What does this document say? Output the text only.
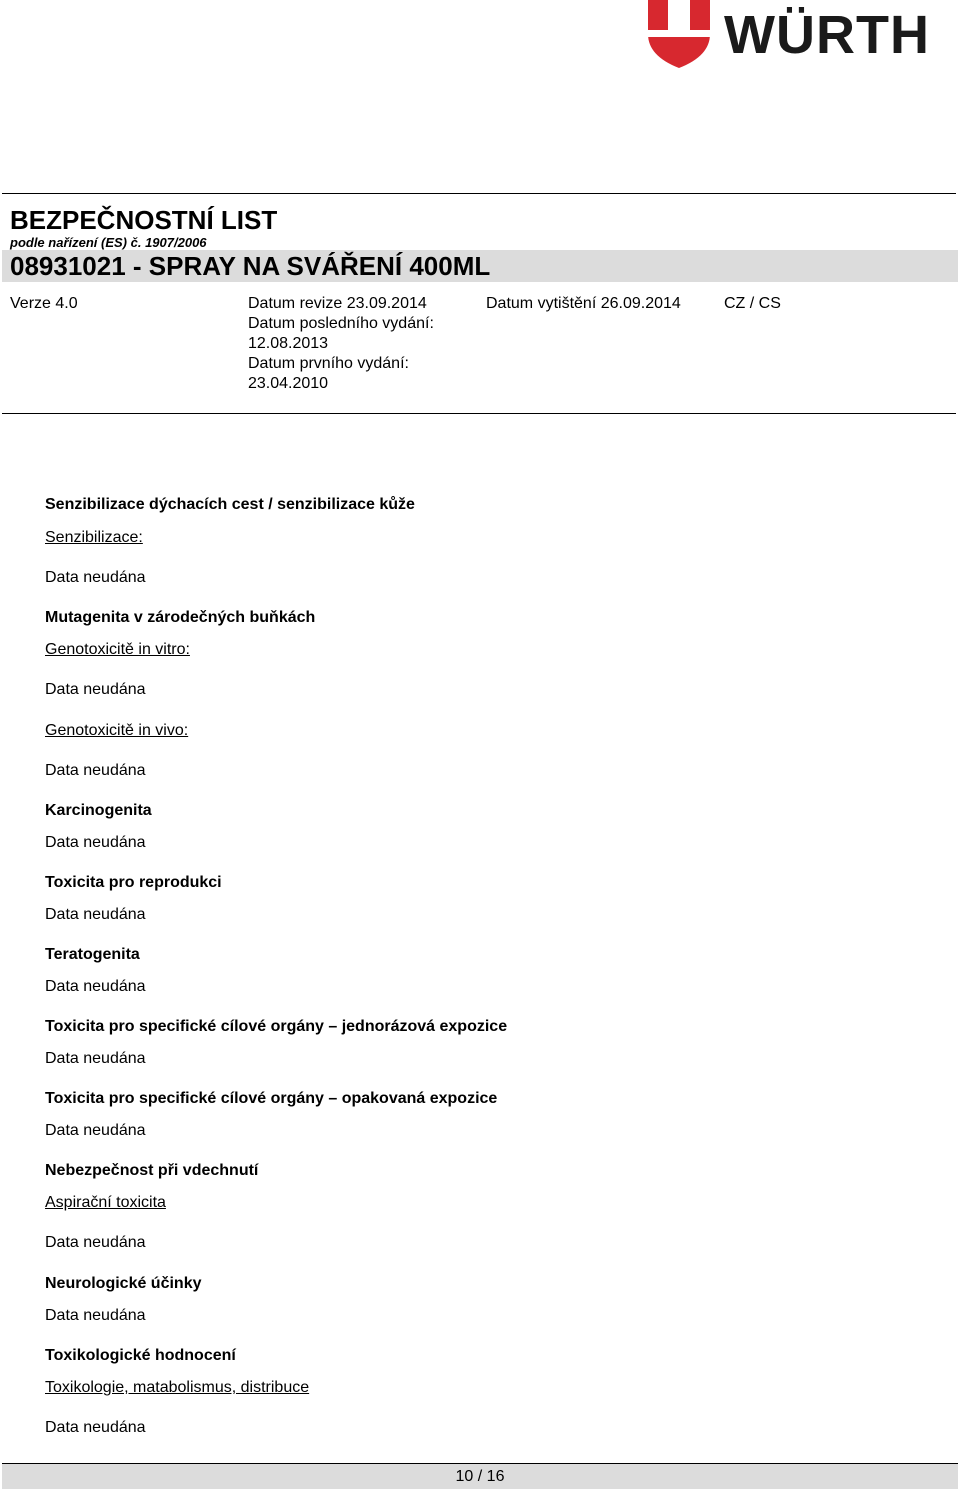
WÜRTH
BEZPEČNOSTNÍ LIST
podle nařízení (ES) č. 1907/2006
08931021 - SPRAY NA SVÁŘENÍ 400ML
Verze 4.0	Datum revize 23.09.2014
Datum posledního vydání:
12.08.2013
Datum prvního vydání:
23.04.2010
Datum vytištění 26.09.2014	CZ / CS
Senzibilizace dýchacích cest / senzibilizace kůže
Senzibilizace:
Data neudána
Mutagenita v zárodečných buňkách
Genotoxicitě in vitro:
Data neudána
Genotoxicitě in vivo:
Data neudána
Karcinogenita
Data neudána
Toxicita pro reprodukci
Data neudána
Teratogenita
Data neudána
Toxicita pro specifické cílové orgány – jednorázová expozice
Data neudána
Toxicita pro specifické cílové orgány – opakovaná expozice
Data neudána
Nebezpečnost při vdechnutí
Aspirační toxicita
Data neudána
Neurologické účinky
Data neudána
Toxikologické hodnocení
Toxikologie, matabolismus, distribuce
Data neudána
10 / 16
